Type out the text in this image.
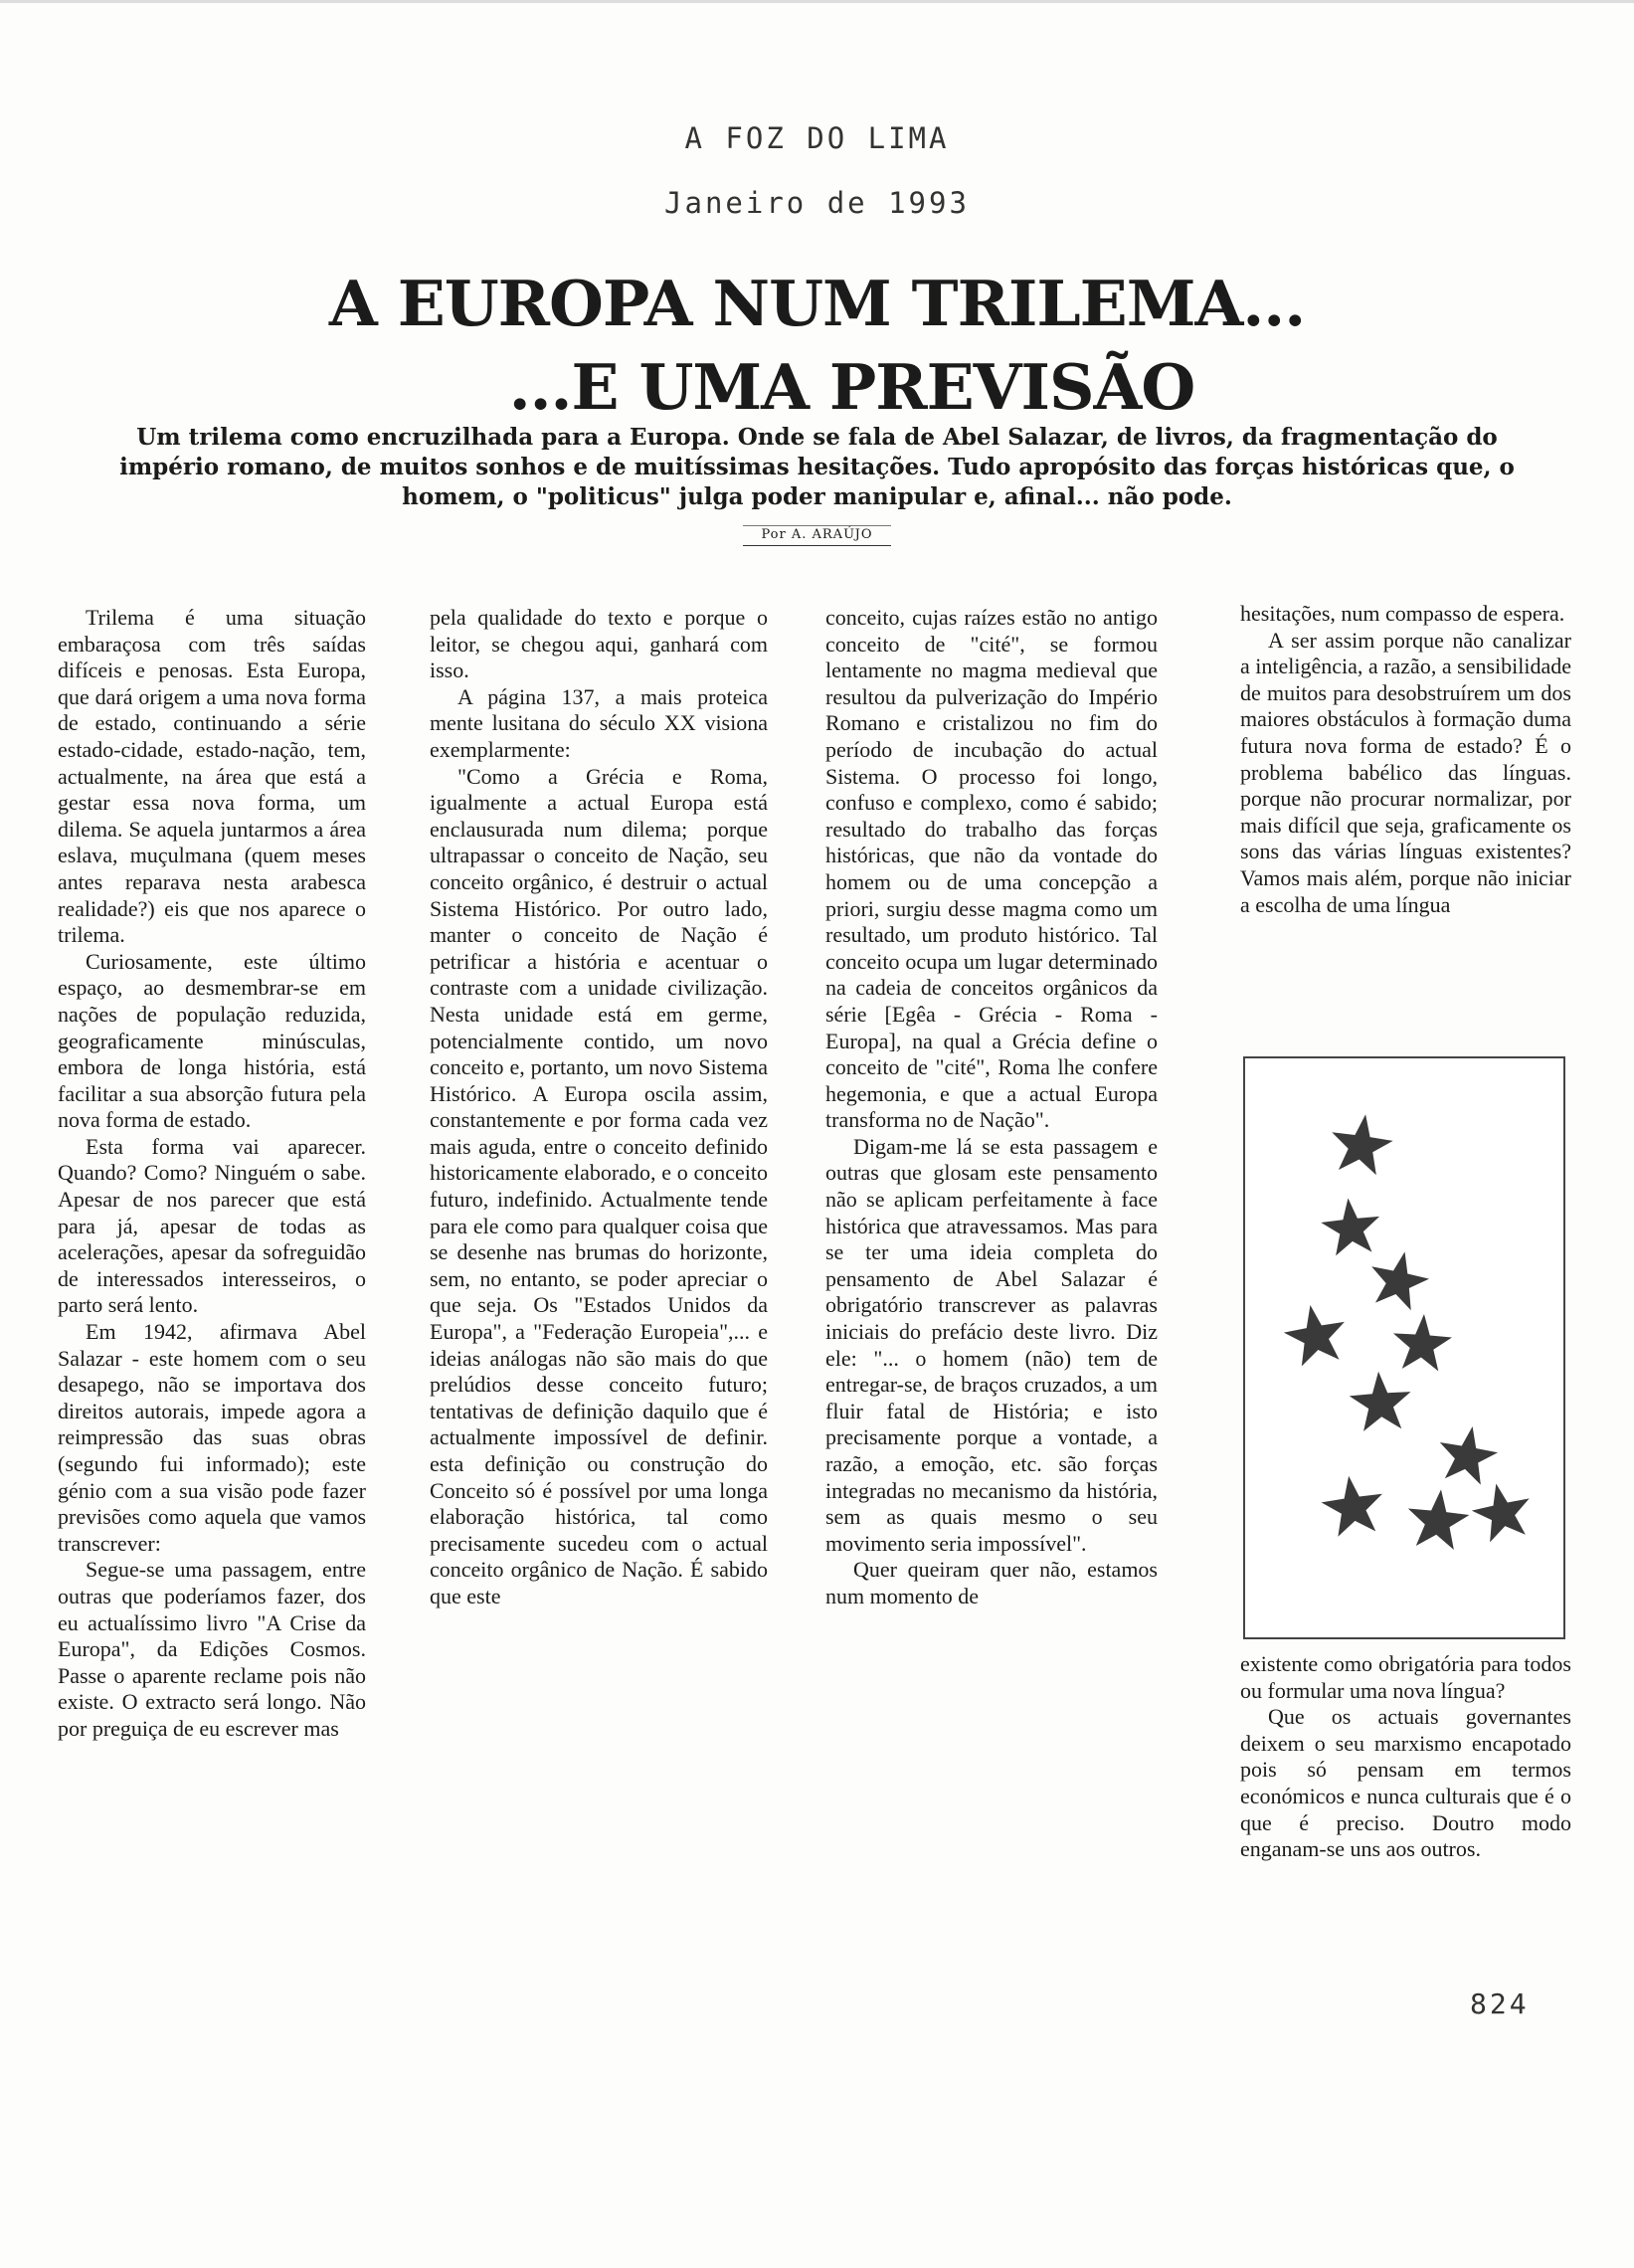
A FOZ DO LIMA
Janeiro de 1993
A EUROPA NUM TRILEMA...
...E UMA PREVISÃO
Um trilema como encruzilhada para a Europa. Onde se fala de Abel Salazar, de livros, da fragmentação do império romano, de muitos sonhos e de muitíssimas hesitações. Tudo apropósito das forças históricas que, o homem, o "politicus" julga poder manipular e, afinal... não pode.
Por A. ARAÚJO

Trilema é uma situação embaraçosa com três saídas difíceis e penosas. Esta Europa, que dará origem a uma nova forma de estado, continuando a série estado-cidade, estado-nação, tem, actualmente, na área que está a gestar essa nova forma, um dilema. Se aquela juntarmos a área eslava, muçulmana (quem meses antes reparava nesta arabesca realidade?) eis que nos aparece o trilema.

Curiosamente, este último espaço, ao desmembrar-se em nações de população reduzida, geograficamente minúsculas, embora de longa história, está facilitar a sua absorção futura pela nova forma de estado.

Esta forma vai aparecer. Quando? Como? Ninguém o sabe. Apesar de nos parecer que está para já, apesar de todas as acelerações, apesar da sofreguidão de interessados interesseiros, o parto será lento.

Em 1942, afirmava Abel Salazar - este homem com o seu desapego, não se importava dos direitos autorais, impede agora a reimpressão das suas obras (segundo fui informado); este génio com a sua visão pode fazer previsões como aquela que vamos transcrever:

Segue-se uma passagem, entre outras que poderíamos fazer, dos eu actualíssimo livro "A Crise da Europa", da Edições Cosmos. Passe o aparente reclame pois não existe. O extracto será longo. Não por preguiça de eu escrever mas

pela qualidade do texto e porque o leitor, se chegou aqui, ganhará com isso.

A página 137, a mais proteica mente lusitana do século XX visiona exemplarmente:

"Como a Grécia e Roma, igualmente a actual Europa está enclausurada num dilema; porque ultrapassar o conceito de Nação, seu conceito orgânico, é destruir o actual Sistema Histórico. Por outro lado, manter o conceito de Nação é petrificar a história e acentuar o contraste com a unidade civilização. Nesta unidade está em germe, potencialmente contido, um novo conceito e, portanto, um novo Sistema Histórico. A Europa oscila assim, constantemente e por forma cada vez mais aguda, entre o conceito definido historicamente elaborado, e o conceito futuro, indefinido. Actualmente tende para ele como para qualquer coisa que se desenhe nas brumas do horizonte, sem, no entanto, se poder apreciar o que seja. Os "Estados Unidos da Europa", a "Federação Europeia",... e ideias análogas não são mais do que prelúdios desse conceito futuro; tentativas de definição daquilo que é actualmente impossível de definir. esta definição ou construção do Conceito só é possível por uma longa elaboração histórica, tal como precisamente sucedeu com o actual conceito orgânico de Nação. É sabido que este

conceito, cujas raízes estão no antigo conceito de "cité", se formou lentamente no magma medieval que resultou da pulverização do Império Romano e cristalizou no fim do período de incubação do actual Sistema. O processo foi longo, confuso e complexo, como é sabido; resultado do trabalho das forças históricas, que não da vontade do homem ou de uma concepção a priori, surgiu desse magma como um resultado, um produto histórico. Tal conceito ocupa um lugar determinado na cadeia de conceitos orgânicos da série [Egêa - Grécia - Roma - Europa], na qual a Grécia define o conceito de "cité", Roma lhe confere hegemonia, e que a actual Europa transforma no de Nação".

Digam-me lá se esta passagem e outras que glosam este pensamento não se aplicam perfeitamente à face histórica que atravessamos. Mas para se ter uma ideia completa do pensamento de Abel Salazar é obrigatório transcrever as palavras iniciais do prefácio deste livro. Diz ele: "... o homem (não) tem de entregar-se, de braços cruzados, a um fluir fatal de História; e isto precisamente porque a vontade, a razão, a emoção, etc. são forças integradas no mecanismo da história, sem as quais mesmo o seu movimento seria impossível".

Quer queiram quer não, estamos num momento de

hesitações, num compasso de espera.

A ser assim porque não canalizar a inteligência, a razão, a sensibilidade de muitos para desobstruírem um dos maiores obstáculos à formação duma futura nova forma de estado? É o problema babélico das línguas. porque não procurar normalizar, por mais difícil que seja, graficamente os sons das várias línguas existentes? Vamos mais além, porque não iniciar a escolha de uma língua

existente como obrigatória para todos ou formular uma nova língua?

Que os actuais governantes deixem o seu marxismo encapotado pois só pensam em termos económicos e nunca culturais que é o que é preciso. Doutro modo enganam-se uns aos outros.

824
